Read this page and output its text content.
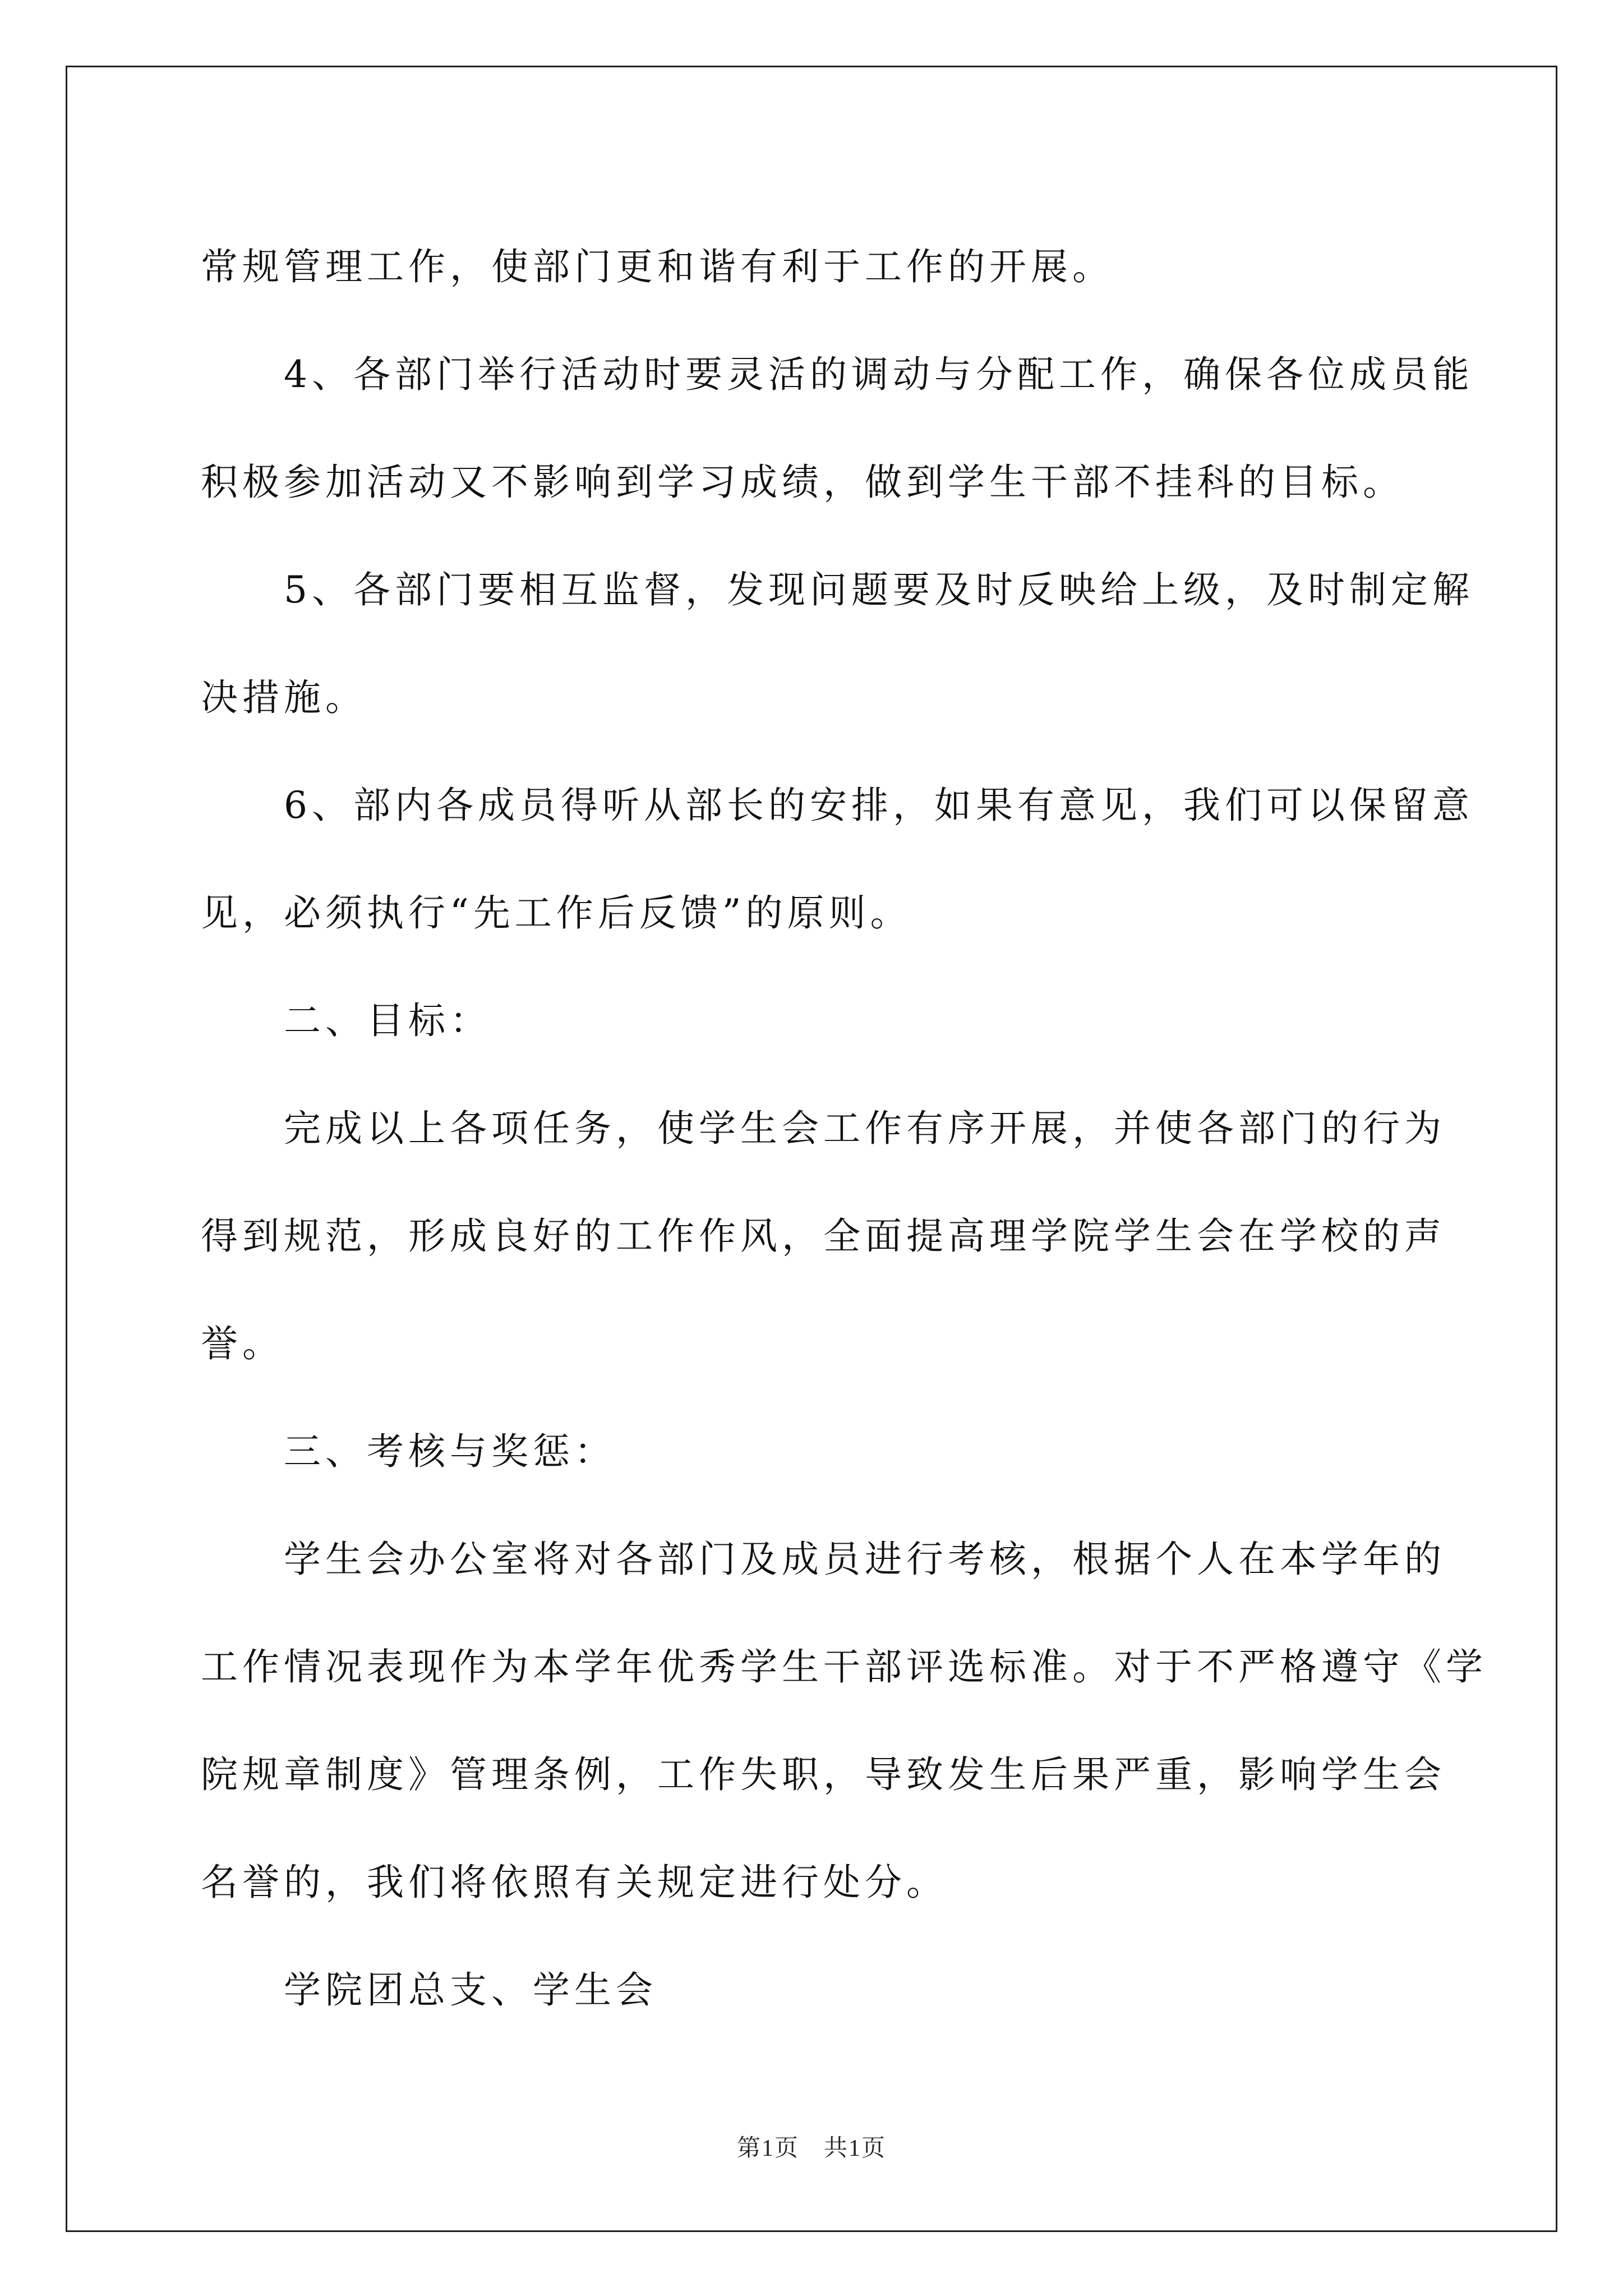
常规管理工作，使部门更和谐有利于工作的开展。
4、各部门举行活动时要灵活的调动与分配工作，确保各位成员能
积极参加活动又不影响到学习成绩，做到学生干部不挂科的目标。
5、各部门要相互监督，发现问题要及时反映给上级，及时制定解
决措施。
6、部内各成员得听从部长的安排，如果有意见，我们可以保留意
见，必须执行“先工作后反馈”的原则。
二、目标：
完成以上各项任务，使学生会工作有序开展，并使各部门的行为
得到规范，形成良好的工作作风，全面提高理学院学生会在学校的声
誉。
三、考核与奖惩：
学生会办公室将对各部门及成员进行考核，根据个人在本学年的
工作情况表现作为本学年优秀学生干部评选标准。对于不严格遵守《学
院规章制度》管理条例，工作失职，导致发生后果严重，影响学生会
名誉的，我们将依照有关规定进行处分。
学院团总支、学生会
第1页　共1页
